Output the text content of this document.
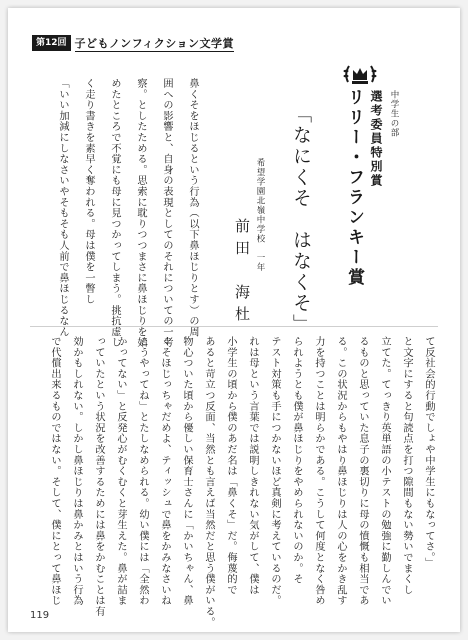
第12回 子どもノンフィクション文学賞
中学生の部
選考委員特別賞
リリー・フランキー賞
「なにくそ　はなくそ」
希望学園北嶺中学校　一年
前田　海杜
鼻くそをほじるという行為（以下鼻ほじりとす）の周
囲への影響と、自身の表現としてのそれについての一考
察。としたためる。思索に耽りつつまさに鼻ほじりを始
めたところで不覚にも母に見つかってしまう。挑抗虚し
く走り書きを素早く奪われる。母は僕を一瞥し
「いい加減にしなさいやそもそも人前で鼻ほじるなん
て反社会的行動でしょや中学生にもなってさ。」
と文字にすると句読点を打つ隙間もない勢いでまくし
立てた。てっきり英単語の小テストの勉強に勤しんでい
るものと思っていた息子の裏切りに母の憤慨も相当であ
る。この状況からもやはり鼻ほじりは人の心をかき乱す
力を持つことは明らかである。こうして何度となく咎め
られようとも僕が鼻ほじりをやめられないのか。そ
テスト対策も手につかないほど真剣に考えているのだ。
れは母という言葉では説明しきれない気がして、僕は
小学生の頃から僕のあだ名は「鼻くそ」だ。侮蔑的で
あると苛立つ反面、当然とも言えば当然だと思う僕がいる。
物心ついた頃から優しい保育士さんに「かいちゃん、鼻
くそほじっちゃだめよ、ティッシュで鼻をかみなさいね
こうやってね」とたしなめられる。幼い僕には「全然わ
かってない」と反発心がむくむくと芽生えた。鼻が詰ま
っていたという状況を改善するためには鼻をかむことは有
効かもしれない。しかし鼻ほじりは鼻かみとはいう行為
で代償出来るものではない。そして、僕にとって鼻ほじ
119
